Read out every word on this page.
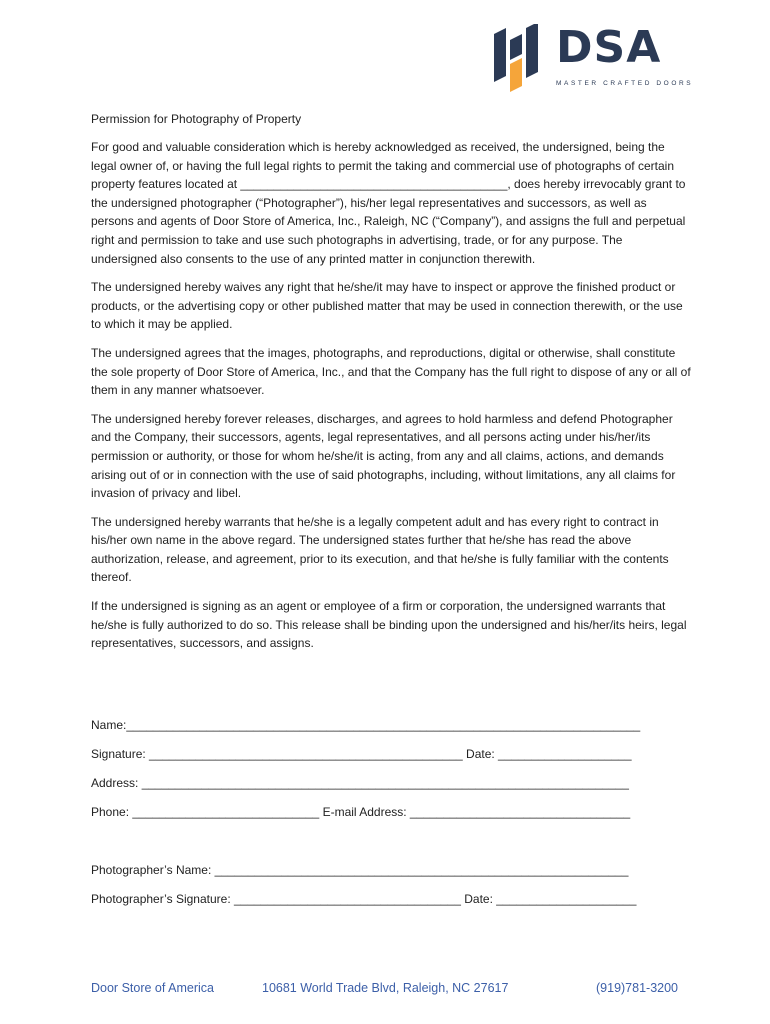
DSA
MASTER CRAFTED DOORS

Permission for Photography of Property

For good and valuable consideration which is hereby acknowledged as received, the undersigned, being the legal owner of, or having the full legal rights to permit the taking and commercial use of photographs of certain property features located at ________________________________________, does hereby irrevocably grant to the undersigned photographer (“Photographer”), his/her legal representatives and successors, as well as persons and agents of Door Store of America, Inc., Raleigh, NC (“Company”), and assigns the full and perpetual right and permission to take and use such photographs in advertising, trade, or for any purpose. The undersigned also consents to the use of any printed matter in conjunction therewith.

The undersigned hereby waives any right that he/she/it may have to inspect or approve the finished product or products, or the advertising copy or other published matter that may be used in connection therewith, or the use to which it may be applied.

The undersigned agrees that the images, photographs, and reproductions, digital or otherwise, shall constitute the sole property of Door Store of America, Inc., and that the Company has the full right to dispose of any or all of them in any manner whatsoever.

The undersigned hereby forever releases, discharges, and agrees to hold harmless and defend Photographer and the Company, their successors, agents, legal representatives, and all persons acting under his/her/its permission or authority, or those for whom he/she/it is acting, from any and all claims, actions, and demands arising out of or in connection with the use of said photographs, including, without limitations, any all claims for invasion of privacy and libel.

The undersigned hereby warrants that he/she is a legally competent adult and has every right to contract in his/her own name in the above regard. The undersigned states further that he/she has read the above authorization, release, and agreement, prior to its execution, and that he/she is fully familiar with the contents thereof.

If the undersigned is signing as an agent or employee of a firm or corporation, the undersigned warrants that he/she is fully authorized to do so. This release shall be binding upon the undersigned and his/her/its heirs, legal representatives, successors, and assigns.

Name:_____________________________________________________________________________
Signature: _______________________________________________ Date: ____________________
Address: _________________________________________________________________________
Phone: ____________________________ E-mail Address: _________________________________
Photographer’s Name: ______________________________________________________________
Photographer’s Signature: __________________________________ Date: _____________________
Door Store of America	10681 World Trade Blvd, Raleigh, NC 27617	(919)781-3200
